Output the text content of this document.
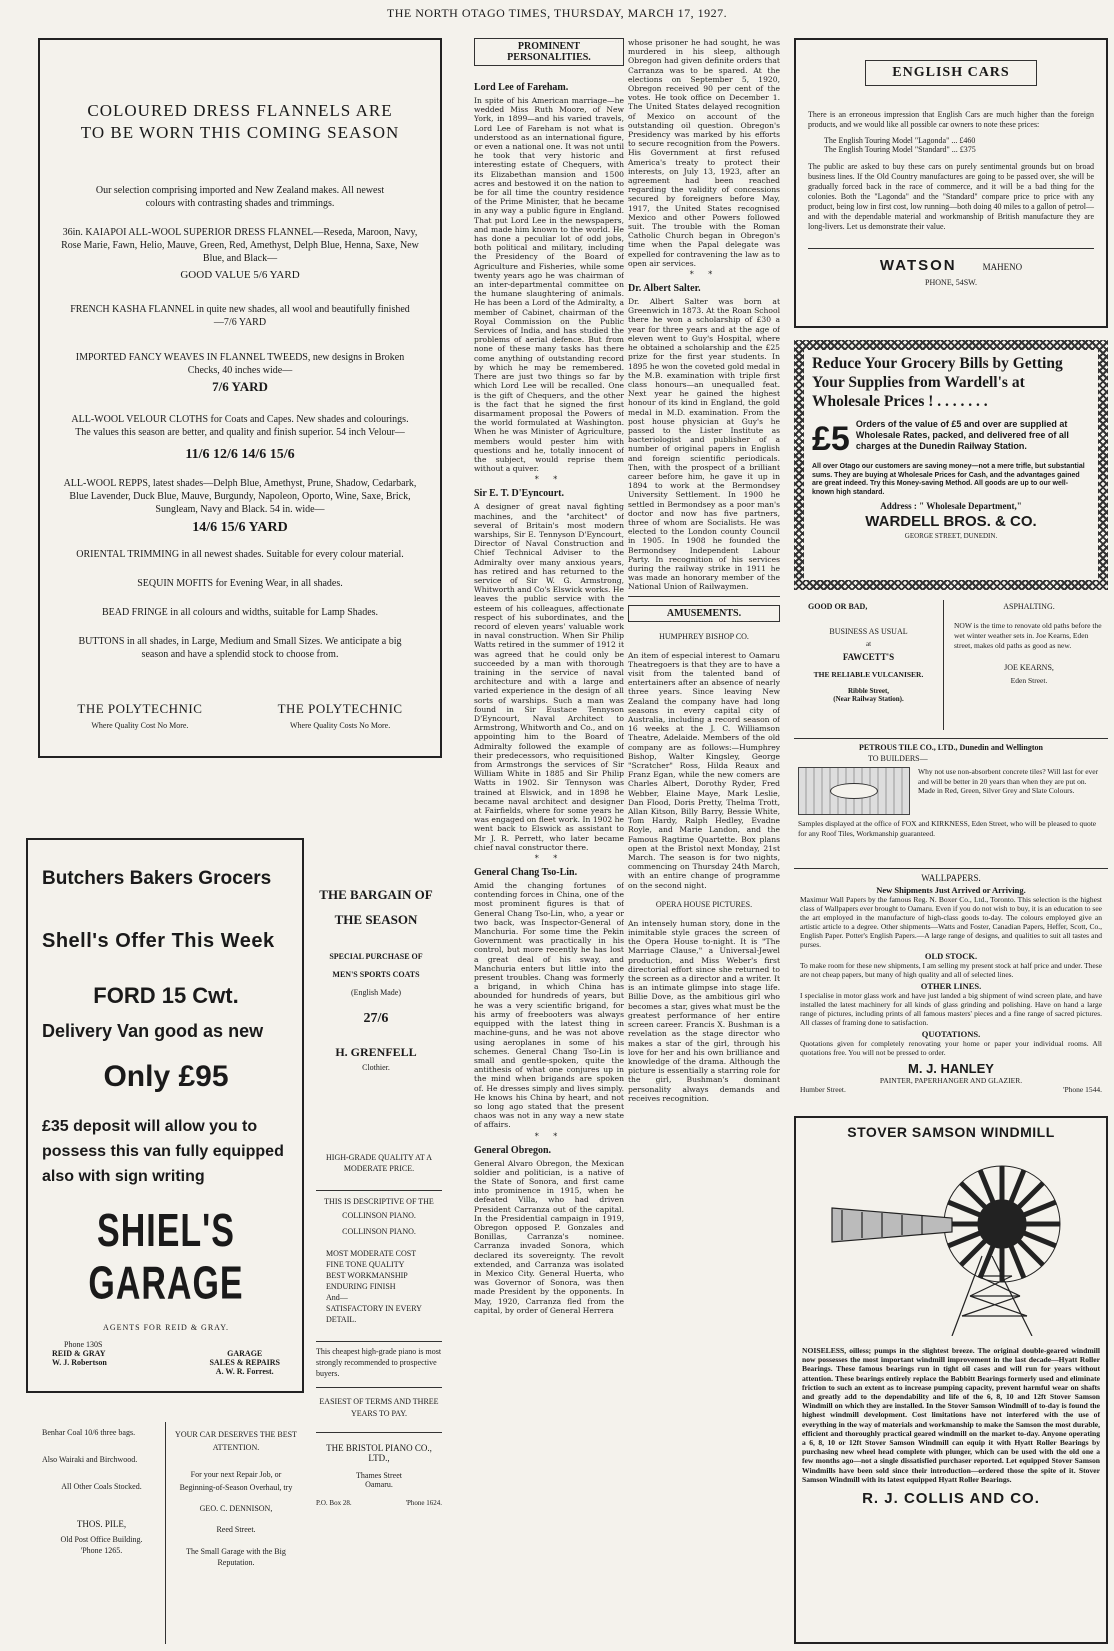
THE NORTH OTAGO TIMES, THURSDAY, MARCH 17, 1927.
COLOURED DRESS FLANNELS ARE TO BE WORN THIS COMING SEASON
Our selection comprising imported and New Zealand makes. All newest colours with contrasting shades and trimmings.
36in. KAIAPOI ALL-WOOL SUPERIOR DRESS FLANNEL—Reseda, Maroon, Navy, Rose Marie, Fawn, Helio, Mauve, Green, Red, Amethyst, Delph Blue, Henna, Saxe, New Blue, and Black—
GOOD VALUE 5/6 YARD
FRENCH KASHA FLANNEL in quite new shades, all wool and beautifully finished—7/6 YARD
IMPORTED FANCY WEAVES IN FLANNEL TWEEDS, new designs in Broken Checks, 40 inches wide—
7/6 YARD
ALL-WOOL VELOUR CLOTHS for Coats and Capes. New shades and colourings. The values this season are better, and quality and finish superior. 54 inch Velour—
11/6 12/6 14/6 15/6
ALL-WOOL REPPS, latest shades—Delph Blue, Amethyst, Prune, Shadow, Cedarbark, Blue Lavender, Duck Blue, Mauve, Burgundy, Napoleon, Oporto, Wine, Saxe, Brick, Sungleam, Navy and Black. 54 in. wide—
14/6 15/6 YARD
ORIENTAL TRIMMING in all newest shades. Suitable for every colour material.
SEQUIN MOFITS for Evening Wear, in all shades.
BEAD FRINGE in all colours and widths, suitable for Lamp Shades.
BUTTONS in all shades, in Large, Medium and Small Sizes. We anticipate a big season and have a splendid stock to choose from.
THE POLYTECHNIC
Where Quality Cost No More.
THE POLYTECHNIC
Where Quality Costs No More.
Butchers Bakers Grocers
Shell's Offer This Week
FORD 15 Cwt.
Delivery Van good as new
Only £95
£35 deposit will allow you to possess this van fully equipped also with sign writing
SHIEL'S GARAGE
AGENTS FOR REID & GRAY.
Phone 130S
REID & GRAY
W. J. Robertson
GARAGE
SALES & REPAIRS
A. W. R. Forrest.
Benhar Coal 10/6 three bags.
Also Wairaki and Birchwood.
All Other Coals Stocked.
THOS. PILE,
Old Post Office Building.
'Phone 1265.
YOUR CAR DESERVES THE BEST ATTENTION.
For your next Repair Job, or Beginning-of-Season Overhaul, try
GEO. C. DENNISON,
Reed Street.
The Small Garage with the Big Reputation.
THE BARGAIN OF THE SEASON
SPECIAL PURCHASE OF MEN'S SPORTS COATS
(English Made)
27/6
H. GRENFELL
Clothier.
HIGH-GRADE QUALITY AT A MODERATE PRICE.
THIS IS DESCRIPTIVE OF THE COLLINSON PIANO.
COLLINSON PIANO.
MOST MODERATE COST
FINE TONE QUALITY
BEST WORKMANSHIP
ENDURING FINISH
And—
SATISFACTORY IN EVERY DETAIL.
This cheapest high-grade piano is most strongly recommended to prospective buyers.
EASIEST OF TERMS AND THREE YEARS TO PAY.
THE BRISTOL PIANO CO., LTD.,
Thames Street
Oamaru.
P.O. Box 28.	'Phone 1624.
PROMINENT PERSONALITIES.
Lord Lee of Fareham.
In spite of his American marriage—he wedded Miss Ruth Moore, of New York, in 1899—and his varied travels, Lord Lee of Fareham is not what is understood as an international figure, or even a national one. It was not until he took that very historic and interesting estate of Chequers, with its Elizabethan mansion and 1500 acres and bestowed it on the nation to be for all time the country residence of the Prime Minister, that he became in any way a public figure in England. That put Lord Lee in the newspapers, and made him known to the world. He has done a peculiar lot of odd jobs, both political and military, including the Presidency of the Board of Agriculture and Fisheries, while some twenty years ago he was chairman of an inter-departmental committee on the humane slaughtering of animals. He has been a Lord of the Admiralty, a member of Cabinet, chairman of the Royal Commission on the Public Services of India, and has studied the problems of aerial defence. But from none of these many tasks has there come anything of outstanding record by which he may be remembered. There are just two things so far by which Lord Lee will be recalled. One is the gift of Chequers, and the other is the fact that he signed the first disarmament proposal the Powers of the world formulated at Washington. When he was Minister of Agriculture, members would pester him with questions and he, totally innocent of the subject, would reprise them without a quiver.
* *
Sir E. T. D'Eyncourt.
A designer of great naval fighting machines, and the "architect" of several of Britain's most modern warships, Sir E. Tennyson D'Eyncourt, Director of Naval Construction and Chief Technical Adviser to the Admiralty over many anxious years, has retired and has returned to the service of Sir W. G. Armstrong, Whitworth and Co's Elswick works. He leaves the public service with the esteem of his colleagues, affectionate respect of his subordinates, and the record of eleven years' valuable work in naval construction. When Sir Philip Watts retired in the summer of 1912 it was agreed that he could only be succeeded by a man with thorough training in the service of naval architecture and with a large and varied experience in the design of all sorts of warships. Such a man was found in Sir Eustace Tennyson D'Eyncourt, Naval Architect to Armstrong, Whitworth and Co., and on appointing him to the Board of Admiralty followed the example of their predecessors, who requisitioned from Armstrongs the services of Sir William White in 1885 and Sir Philip Watts in 1902. Sir Tennyson was trained at Elswick, and in 1898 he became naval architect and designer at Fairfields, where for some years he was engaged on fleet work. In 1902 he went back to Elswick as assistant to Mr J. R. Perrett, who later became chief naval constructor there.
* *
General Chang Tso-Lin.
Amid the changing fortunes of contending forces in China, one of the most prominent figures is that of General Chang Tso-Lin, who, a year or two back, was Inspector-General of Manchuria. For some time the Pekin Government was practically in his control, but more recently he has lost a great deal of his sway, and Manchuria enters but little into the present troubles. Chang was formerly a brigand, in which China has abounded for hundreds of years, but he was a very scientific brigand, for his army of freebooters was always equipped with the latest thing in machine-guns, and he was not above using aeroplanes in some of his schemes. General Chang Tso-Lin is small and gentle-spoken, quite the antithesis of what one conjures up in the mind when brigands are spoken of. He dresses simply and lives simply. He knows his China by heart, and not so long ago stated that the present chaos was not in any way a new state of affairs.
* *
General Obregon.
General Alvaro Obregon, the Mexican soldier and politician, is a native of the State of Sonora, and first came into prominence in 1915, when he defeated Villa, who had driven President Carranza out of the capital. In the Presidential campaign in 1919, Obregon opposed P. Gonzales and Bonillas, Carranza's nominee. Carranza invaded Sonora, which declared its sovereignty. The revolt extended, and Carranza was isolated in Mexico City. General Huerta, who was Governor of Sonora, was then made President by the opponents. In May, 1920, Carranza fled from the capital, by order of General Herrera
whose prisoner he had sought, he was murdered in his sleep, although Obregon had given definite orders that Carranza was to be spared. At the elections on September 5, 1920, Obregon received 90 per cent of the votes. He took office on December 1. The United States delayed recognition of Mexico on account of the outstanding oil question. Obregon's Presidency was marked by his efforts to secure recognition from the Powers. His Government at first refused America's treaty to protect their interests, on July 13, 1923, after an agreement had been reached regarding the validity of concessions secured by foreigners before May, 1917, the United States recognised Mexico and other Powers followed suit. The trouble with the Roman Catholic Church began in Obregon's time when the Papal delegate was expelled for contravening the law as to open air services.
* *
Dr. Albert Salter.
Dr. Albert Salter was born at Greenwich in 1873. At the Roan School there he won a scholarship of £30 a year for three years and at the age of eleven went to Guy's Hospital, where he obtained a scholarship and the £25 prize for the first year students. In 1895 he won the coveted gold medal in the M.B. examination with triple first class honours—an unequalled feat. Next year he gained the highest honour of its kind in England, the gold medal in M.D. examination. From the post house physician at Guy's he passed to the Lister Institute as bacteriologist and publisher of a number of original papers in English and foreign scientific periodicals. Then, with the prospect of a brilliant career before him, he gave it up in 1894 to work at the Bermondsey University Settlement. In 1900 he settled in Bermondsey as a poor man's doctor and now has five partners, three of whom are Socialists. He was elected to the London county Council in 1905. In 1908 he founded the Bermondsey Independent Labour Party. In recognition of his services during the railway strike in 1911 he was made an honorary member of the National Union of Railwaymen.
AMUSEMENTS.
HUMPHREY BISHOP CO.
An item of especial interest to Oamaru Theatregoers is that they are to have a visit from the talented band of entertainers after an absence of nearly three years. Since leaving New Zealand the company have had long seasons in every capital city of Australia, including a record season of 16 weeks at the J. C. Williamson Theatre, Adelaide. Members of the old company are as follows:—Humphrey Bishop, Walter Kingsley, George "Scratcher" Ross, Hilda Reaux and Franz Egan, while the new comers are Charles Albert, Dorothy Ryder, Fred Webber, Elaine Maye, Mark Leslie, Dan Flood, Doris Pretty, Thelma Trott, Allan Kitson, Billy Barry, Bessie White, Tom Hardy, Ralph Hedley, Evadne Royle, and Marie Landon, and the Famous Ragtime Quartette. Box plans open at the Bristol next Monday, 21st March. The season is for two nights, commencing on Thursday 24th March, with an entire change of programme on the second night.
OPERA HOUSE PICTURES.
An intensely human story, done in the inimitable style graces the screen of the Opera House to-night. It is "The Marriage Clause," a Universal-Jewel production, and Miss Weber's first directorial effort since she returned to the screen as a director and a writer. It is an intimate glimpse into stage life. Billie Dove, as the ambitious girl who becomes a star, gives what must be the greatest performance of her entire screen career. Francis X. Bushman is a revelation as the stage director who makes a star of the girl, through his love for her and his own brilliance and knowledge of the drama. Although the picture is essentially a starring role for the girl, Bushman's dominant personality always demands and receives recognition.
ENGLISH CARS
There is an erroneous impression that English Cars are much higher than the foreign products, and we would like all possible car owners to note these prices:
The English Touring Model "Lagonda" ... £460
The English Touring Model "Standard" ... £375
The public are asked to buy these cars on purely sentimental grounds but on broad business lines. If the Old Country manufactures are going to be passed over, she will be gradually forced back in the race of commerce, and it will be a bad thing for the colonies. Both the "Lagonda" and the "Standard" compare price to price with any product, being low in first cost, low running—both doing 40 miles to a gallon of petrol—and with the dependable material and workmanship of British manufacture they are long-livers. Let us demonstrate their value.
WATSON	MAHENO
PHONE, 54SW.
Reduce Your Grocery Bills by Getting Your Supplies from Wardell's at Wholesale Prices ! . . . . . . .
£5 Orders of the value of £5 and over are supplied at Wholesale Rates, packed, and delivered free of all charges at the Dunedin Railway Station.
All over Otago our customers are saving money—not a mere trifle, but substantial sums. They are buying at Wholesale Prices for Cash, and the advantages gained are great indeed. Try this Money-saving Method. All goods are up to our well-known high standard.
Address : " Wholesale Department,"
WARDELL BROS. & CO.
GEORGE STREET, DUNEDIN.
GOOD OR BAD,
BUSINESS AS USUAL
at
FAWCETT'S
THE RELIABLE VULCANISER.
Ribble Street,
(Near Railway Station).
ASPHALTING.
NOW is the time to renovate old paths before the wet winter weather sets in. Joe Kearns, Eden street, makes old paths as good as new.
JOE KEARNS,
Eden Street.
PETROUS TILE CO., LTD., Dunedin and Wellington
TO BUILDERS—
Why not use non-absorbent concrete tiles? Will last for ever and will be better in 20 years than when they are put on. Made in Red, Green, Silver Grey and Slate Colours.
Samples displayed at the office of FOX and KIRKNESS, Eden Street, who will be pleased to quote for any Roof Tiles, Workmanship guaranteed.
WALLPAPERS.
New Shipments Just Arrived or Arriving.
Maximur Wall Papers by the famous Reg. N. Boxer Co., Ltd., Toronto. This selection is the highest class of Wallpapers ever brought to Oamaru. Even if you do not wish to buy, it is an education to see the art employed in the manufacture of high-class goods to-day. The colours employed give an artistic article to a degree. Other shipments—Watts and Foster, Canadian Papers, Heffer, Scott, Co., English Paper. Potter's English Papers.—A large range of designs, and qualities to suit all tastes and purses.
OLD STOCK.
To make room for these new shipments, I am selling my present stock at half price and under. These are not cheap papers, but many of high quality and all of selected lines.
OTHER LINES.
I specialise in motor glass work and have just landed a big shipment of wind screen plate, and have installed the latest machinery for all kinds of glass grinding and polishing. Have on hand a large range of pictures, including prints of all famous masters' pieces and a fine range of sacred pictures. All classes of framing done to satisfaction.
QUOTATIONS.
Quotations given for completely renovating your home or paper your individual rooms. All quotations free. You will not be pressed to order.
M. J. HANLEY
PAINTER, PAPERHANGER AND GLAZIER.
Humber Street.	'Phone 1544.
STOVER SAMSON WINDMILL
NOISELESS, oilless; pumps in the slightest breeze. The original double-geared windmill now possesses the most important windmill improvement in the last decade—Hyatt Roller Bearings. These famous bearings run in tight oil cases and will run for years without attention. These bearings entirely replace the Babbitt Bearings formerly used and eliminate friction to such an extent as to increase pumping capacity, prevent harmful wear on shafts and greatly add to the dependability and life of the 6, 8, 10 and 12ft Stover Samson Windmill on which they are installed. In the Stover Samson Windmill of to-day is found the highest windmill development. Cost limitations have not interfered with the use of everything in the way of materials and workmanship to make the Samson the most durable, efficient and thoroughly practical geared windmill on the market to-day. Anyone operating a 6, 8, 10 or 12ft Stover Samson Windmill can equip it with Hyatt Roller Bearings by purchasing new wheel head complete with plunger, which can be used with the old one a few months ago—not a single dissatisfied purchaser reported. Let equipped Stover Samson Windmills have been sold since their introduction—ordered those the spite of it. Stover Samson Windmill with its latest equipped Hyatt Roller Bearings.
R. J. COLLIS AND CO.
